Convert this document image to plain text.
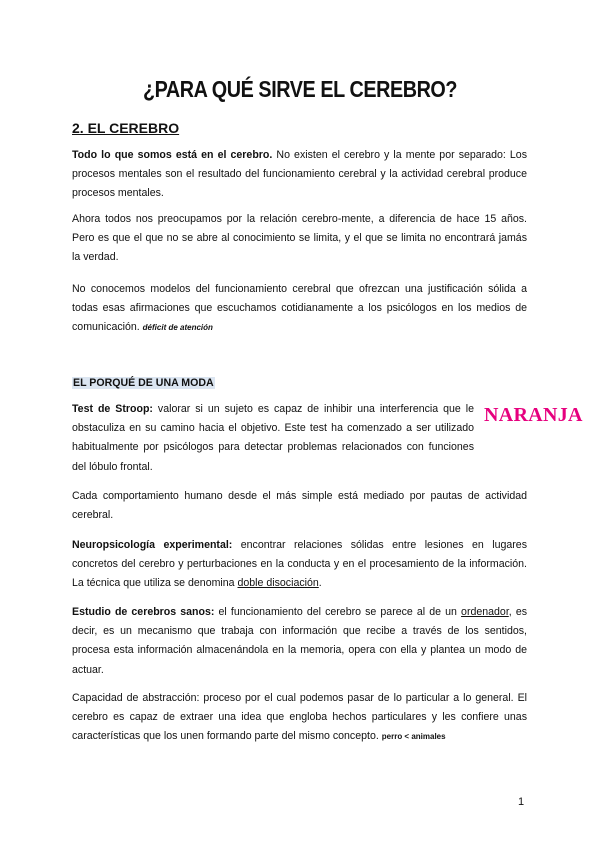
¿PARA QUÉ SIRVE EL CEREBRO?
2. EL CEREBRO

Todo lo que somos está en el cerebro. No existen el cerebro y la mente por separado: Los procesos mentales son el resultado del funcionamiento cerebral y la actividad cerebral produce procesos mentales.

Ahora todos nos preocupamos por la relación cerebro-mente, a diferencia de hace 15 años. Pero es que el que no se abre al conocimiento se limita, y el que se limita no encontrará jamás la verdad.

No conocemos modelos del funcionamiento cerebral que ofrezcan una justificación sólida a todas esas afirmaciones que escuchamos cotidianamente a los psicólogos en los medios de comunicación. déficit de atención

EL PORQUÉ DE UNA MODA

Test de Stroop: valorar si un sujeto es capaz de inhibir una interferencia que le obstaculiza en su camino hacia el objetivo. Este test ha comenzado a ser utilizado habitualmente por psicólogos para detectar problemas relacionados con funciones del lóbulo frontal.

NARANJA

Cada comportamiento humano desde el más simple está mediado por pautas de actividad cerebral.

Neuropsicología experimental: encontrar relaciones sólidas entre lesiones en lugares concretos del cerebro y perturbaciones en la conducta y en el procesamiento de la información. La técnica que utiliza se denomina doble disociación.

Estudio de cerebros sanos: el funcionamiento del cerebro se parece al de un ordenador, es decir, es un mecanismo que trabaja con información que recibe a través de los sentidos, procesa esta información almacenándola en la memoria, opera con ella y plantea un modo de actuar.

Capacidad de abstracción: proceso por el cual podemos pasar de lo particular a lo general. El cerebro es capaz de extraer una idea que engloba hechos particulares y les confiere unas características que los unen formando parte del mismo concepto. perro < animales

1
